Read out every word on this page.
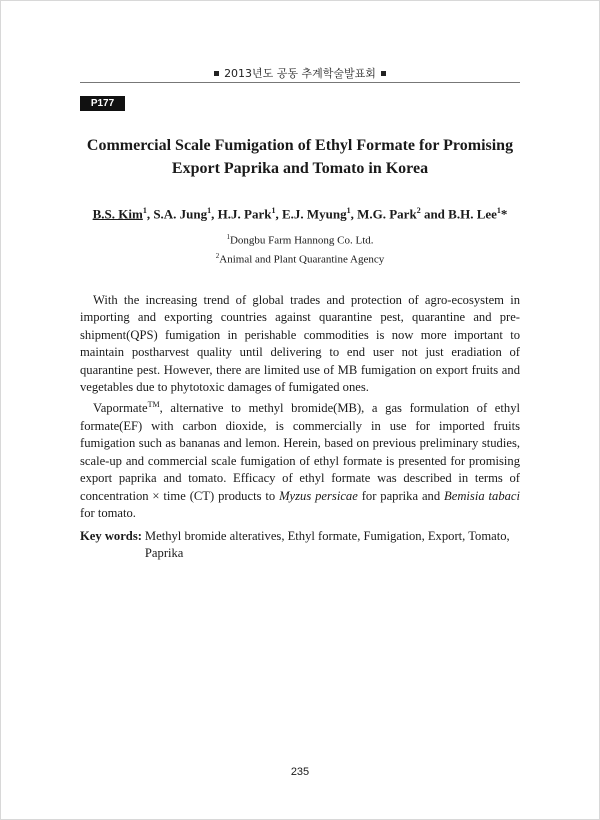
2013년도 공동 추계학술발표회
P177
Commercial Scale Fumigation of Ethyl Formate for Promising
Export Paprika and Tomato in Korea
B.S. Kim$^1$, S.A. Jung$^1$, H.J. Park$^1$, E.J. Myung$^1$, M.G. Park$^2$ and B.H. Lee$^1$*
$^1$Dongbu Farm Hannong Co. Ltd.
$^2$Animal and Plant Quarantine Agency

With the increasing trend of global trades and protection of agro-ecosystem in importing and exporting countries against quarantine pest, quarantine and pre-shipment(QPS) fumigation in perishable commodities is now more important to maintain postharvest quality until delivering to end user not just eradiation of quarantine pest. However, there are limited use of MB fumigation on export fruits and vegetables due to phytotoxic damages of fumigated ones.

Vapormate™, alternative to methyl bromide(MB), a gas formulation of ethyl formate(EF) with carbon dioxide, is commercially in use for imported fruits fumigation such as bananas and lemon. Herein, based on previous preliminary studies, scale-up and commercial scale fumigation of ethyl formate is presented for promising export paprika and tomato. Efficacy of ethyl formate was described in terms of concentration × time (CT) products to Myzus persicae for paprika and Bemisia tabaci for tomato.

Key words: Methyl bromide alteratives, Ethyl formate, Fumigation, Export, Tomato, Paprika
235
